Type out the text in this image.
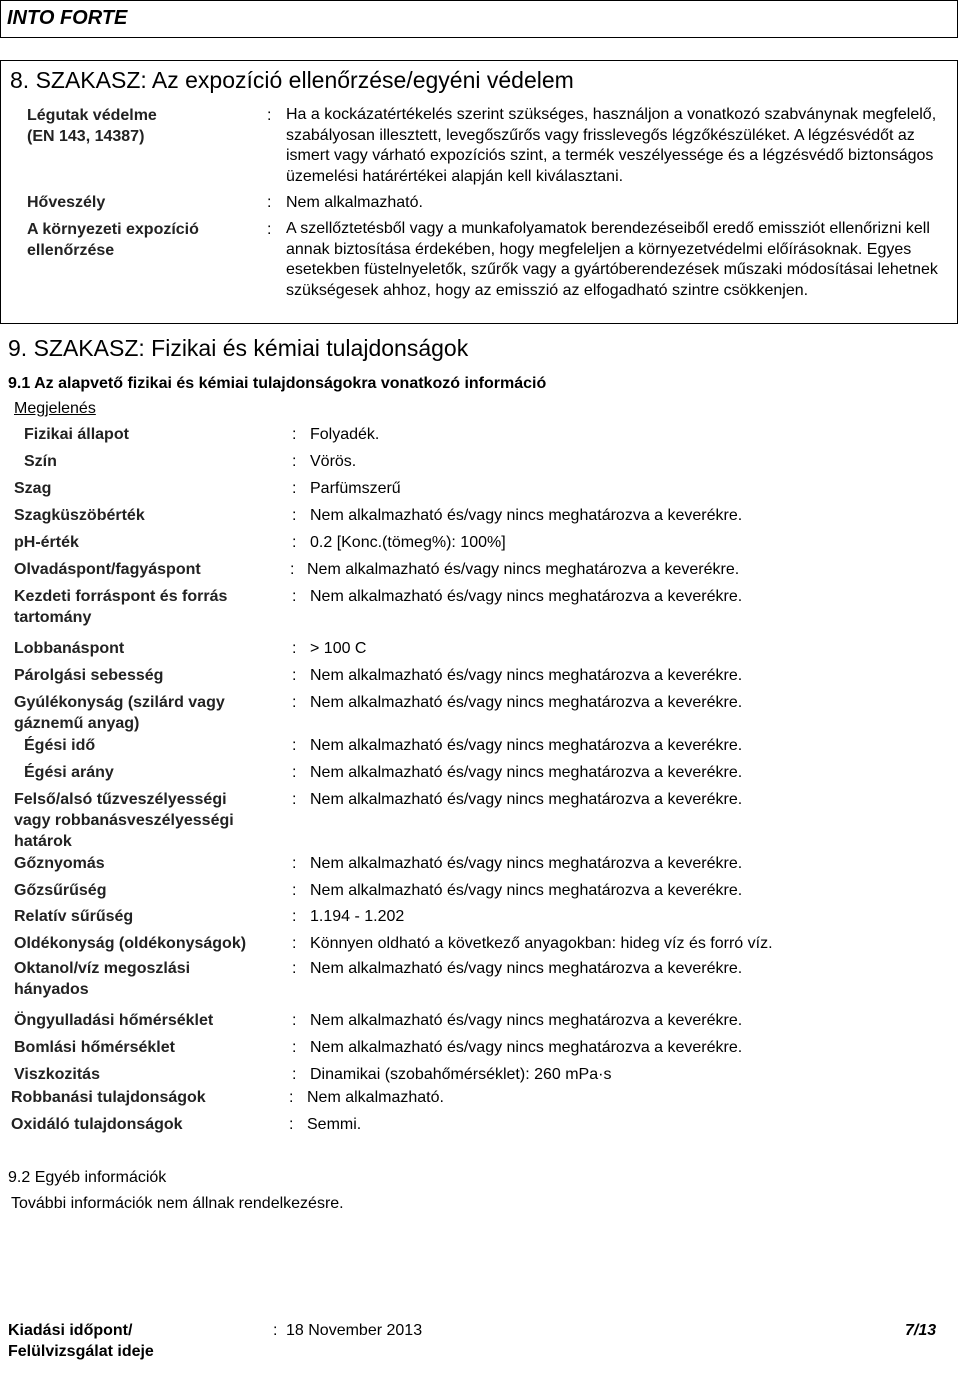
INTO FORTE
8. SZAKASZ: Az expozíció ellenőrzése/egyéni védelem
Légutak védelme
(EN 143, 14387)
: Ha a kockázatértékelés szerint szükséges, használjon a vonatkozó szabványnak megfelelő, szabályosan illesztett, levegőszűrős vagy frisslevegős légzőkészüléket. A légzésvédőt az ismert vagy várható expozíciós szint, a termék veszélyessége és a légzésvédő biztonságos üzemelési határértékei alapján kell kiválasztani.
Hőveszély	: Nem alkalmazható.
A környezeti expozíció
ellenőrzése
: A szellőztetésből vagy a munkafolyamatok berendezéseiből eredő emissziót ellenőrizni kell annak biztosítása érdekében, hogy megfeleljen a környezetvédelmi előírásoknak. Egyes esetekben füstelnyeletők, szűrők vagy a gyártóberendezések műszaki módosításai lehetnek szükségesek ahhoz, hogy az emisszió az elfogadható szintre csökkenjen.
9. SZAKASZ: Fizikai és kémiai tulajdonságok
9.1 Az alapvető fizikai és kémiai tulajdonságokra vonatkozó információ
Megjelenés
Fizikai állapot	: Folyadék.
Szín	: Vörös.
Szag	: Parfümszerű
Szagküszöbérték	: Nem alkalmazható és/vagy nincs meghatározva a keverékre.
pH-érték	: 0.2 [Konc.(tömeg%): 100%]
Olvadáspont/fagyáspont	: Nem alkalmazható és/vagy nincs meghatározva a keverékre.
Kezdeti forráspont és forrás
tartomány
: Nem alkalmazható és/vagy nincs meghatározva a keverékre.
Lobbanáspont	: > 100 C
Párolgási sebesség	: Nem alkalmazható és/vagy nincs meghatározva a keverékre.
Gyúlékonyság (szilárd vagy
gáznemű anyag)
: Nem alkalmazható és/vagy nincs meghatározva a keverékre.
Égési idő	: Nem alkalmazható és/vagy nincs meghatározva a keverékre.
Égési arány	: Nem alkalmazható és/vagy nincs meghatározva a keverékre.
Felső/alsó tűzveszélyességi
vagy robbanásveszélyességi
határok
: Nem alkalmazható és/vagy nincs meghatározva a keverékre.
Gőznyomás	: Nem alkalmazható és/vagy nincs meghatározva a keverékre.
Gőzsűrűség	: Nem alkalmazható és/vagy nincs meghatározva a keverékre.
Relatív sűrűség	: 1.194 - 1.202
Oldékonyság (oldékonyságok)	: Könnyen oldható a következő anyagokban: hideg víz és forró víz.
Oktanol/víz megoszlási
hányados
: Nem alkalmazható és/vagy nincs meghatározva a keverékre.
Öngyulladási hőmérséklet	: Nem alkalmazható és/vagy nincs meghatározva a keverékre.
Bomlási hőmérséklet	: Nem alkalmazható és/vagy nincs meghatározva a keverékre.
Viszkozitás	: Dinamikai (szobahőmérséklet): 260 mPa·s
Robbanási tulajdonságok	: Nem alkalmazható.
Oxidáló tulajdonságok	: Semmi.
9.2 Egyéb információk
További információk nem állnak rendelkezésre.
Kiadási időpont/
Felülvizsgálat ideje
: 18 November 2013	7/13
